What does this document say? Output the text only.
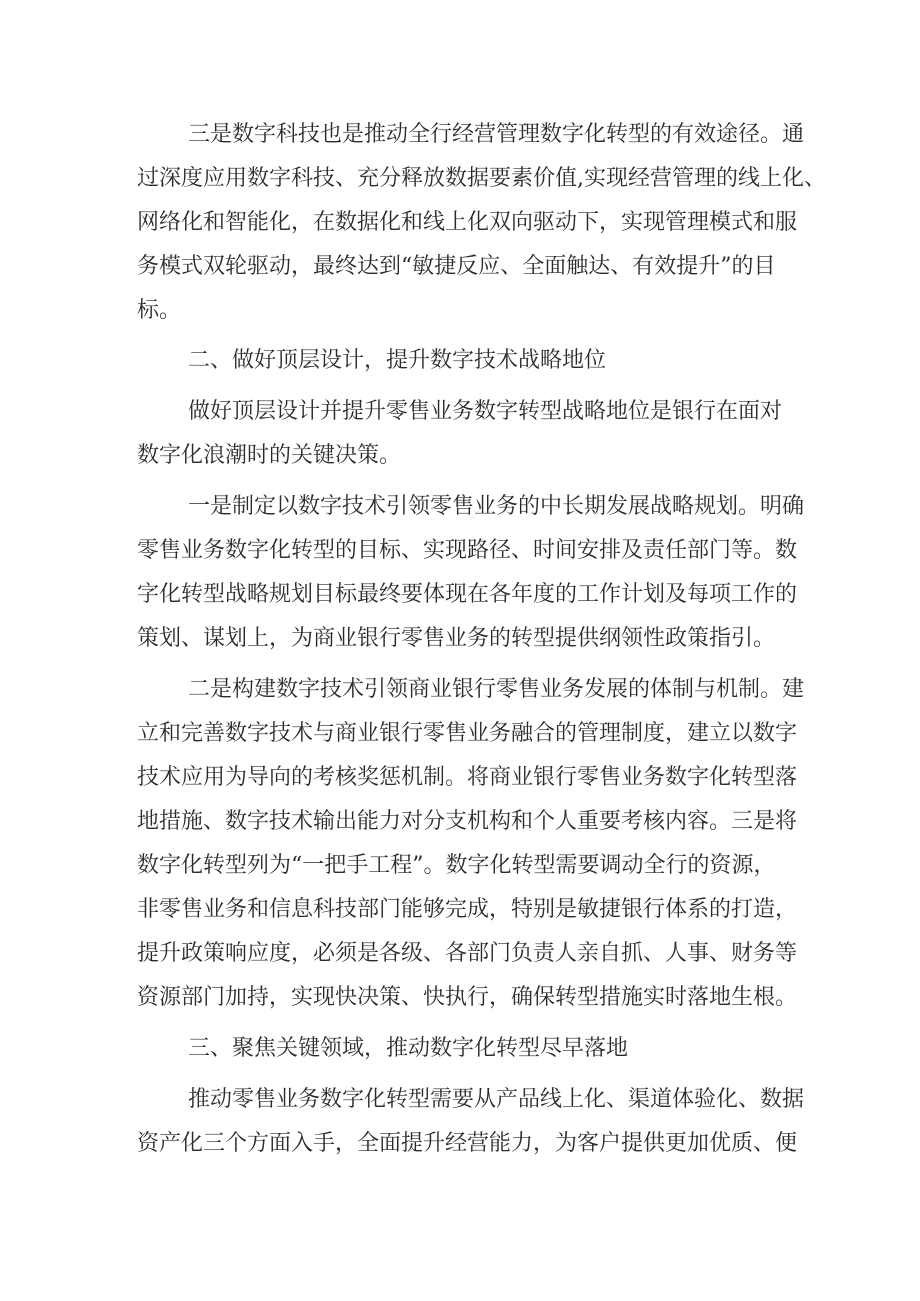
三是数字科技也是推动全行经营管理数字化转型的有效途径。通
过深度应用数字科技、充分释放数据要素价值,实现经营管理的线上化、
网络化和智能化，在数据化和线上化双向驱动下，实现管理模式和服
务模式双轮驱动，最终达到“敏捷反应、全面触达、有效提升”的目
标。
二、做好顶层设计，提升数字技术战略地位
做好顶层设计并提升零售业务数字转型战略地位是银行在面对
数字化浪潮时的关键决策。
一是制定以数字技术引领零售业务的中长期发展战略规划。明确
零售业务数字化转型的目标、实现路径、时间安排及责任部门等。数
字化转型战略规划目标最终要体现在各年度的工作计划及每项工作的
策划、谋划上，为商业银行零售业务的转型提供纲领性政策指引。
二是构建数字技术引领商业银行零售业务发展的体制与机制。建
立和完善数字技术与商业银行零售业务融合的管理制度，建立以数字
技术应用为导向的考核奖惩机制。将商业银行零售业务数字化转型落
地措施、数字技术输出能力对分支机构和个人重要考核内容。三是将
数字化转型列为“一把手工程”。数字化转型需要调动全行的资源，
非零售业务和信息科技部门能够完成，特别是敏捷银行体系的打造，
提升政策响应度，必须是各级、各部门负责人亲自抓、人事、财务等
资源部门加持，实现快决策、快执行，确保转型措施实时落地生根。
三、聚焦关键领域，推动数字化转型尽早落地
推动零售业务数字化转型需要从产品线上化、渠道体验化、数据
资产化三个方面入手，全面提升经营能力，为客户提供更加优质、便
